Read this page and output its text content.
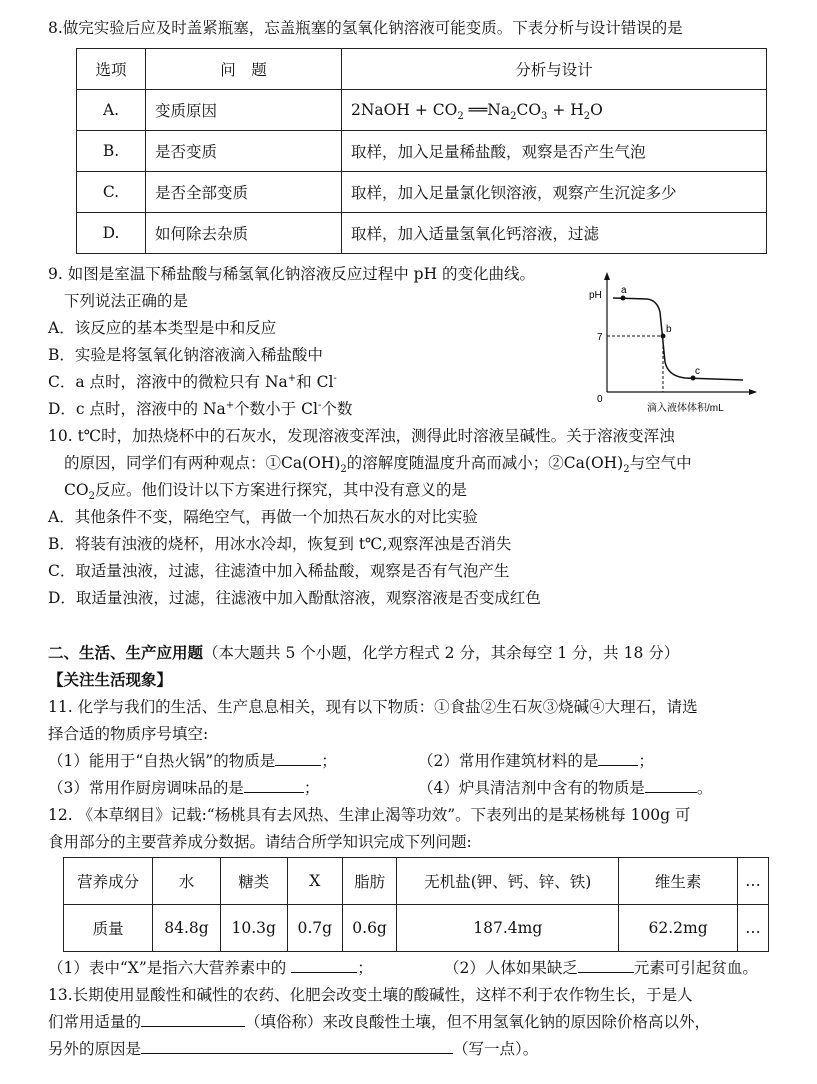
8.做完实验后应及时盖紧瓶塞，忘盖瓶塞的氢氧化钠溶液可能变质。下表分析与设计错误的是
选项	问　题	分析与设计
A.	变质原因	2NaOH + $CO_2$ $══Na_2CO_3 + H_2O$
B.	是否变质	取样，加入足量稀盐酸，观察是否产生气泡
C.	是否全部变质	取样，加入足量氯化钡溶液，观察产生沉淀多少
D.	如何除去杂质	取样，加入适量氢氧化钙溶液，过滤
9. 如图是室温下稀盐酸与稀氢氧化钠溶液反应过程中 pH 的变化曲线。
下列说法正确的是
A．该反应的基本类型是中和反应
B．实验是将氢氧化钠溶液滴入稀盐酸中
C．a 点时，溶液中的微粒只有 Na+和 Cl-
D．c 点时，溶液中的 Na+个数小于 Cl-个数
pH
7
0
滴入液体体积/mL
a
b
c
10. t℃时，加热烧杯中的石灰水，发现溶液变浑浊，测得此时溶液呈碱性。关于溶液变浑浊
的原因，同学们有两种观点：$①Ca(OH)_2$的溶解度随温度升高而减小；$②Ca(OH)_2$与空气中
$CO_2$反应。他们设计以下方案进行探究，其中没有意义的是
A．其他条件不变，隔绝空气，再做一个加热石灰水的对比实验
B．将装有浊液的烧杯，用冰水冷却，恢复到 t℃,观察浑浊是否消失
C．取适量浊液，过滤，往滤渣中加入稀盐酸，观察是否有气泡产生
D．取适量浊液，过滤，往滤液中加入酚酞溶液，观察溶液是否变成红色
二、生活、生产应用题（本大题共 5 个小题，化学方程式 2 分，其余每空 1 分，共 18 分）
【关注生活现象】
11. 化学与我们的生活、生产息息相关，现有以下物质：①食盐②生石灰③烧碱④大理石，请选
择合适的物质序号填空:
（1）能用于“自热火锅”的物质是	；	（2）常用作建筑材料的是	；
（3）常用作厨房调味品的是	；	（4）炉具清洁剂中含有的物质是	。
12. 《本草纲目》记载:“杨桃具有去风热、生津止渴等功效”。下表列出的是某杨桃每 100g 可
食用部分的主要营养成分数据。请结合所学知识完成下列问题:
营养成分	水	糖类	X	脂肪	无机盐(钾、钙、锌、铁)	维生素	…
质量	84.8g	10.3g	0.7g	0.6g	187.4mg	62.2mg	…
（1）表中“X”是指六大营养素中的	；	（2）人体如果缺乏	元素可引起贫血。
13.长期使用显酸性和碱性的农药、化肥会改变土壤的酸碱性，这样不利于农作物生长，于是人
们常用适量的	（填俗称）来改良酸性土壤，但不用氢氧化钠的原因除价格高以外，
另外的原因是	（写一点）。
